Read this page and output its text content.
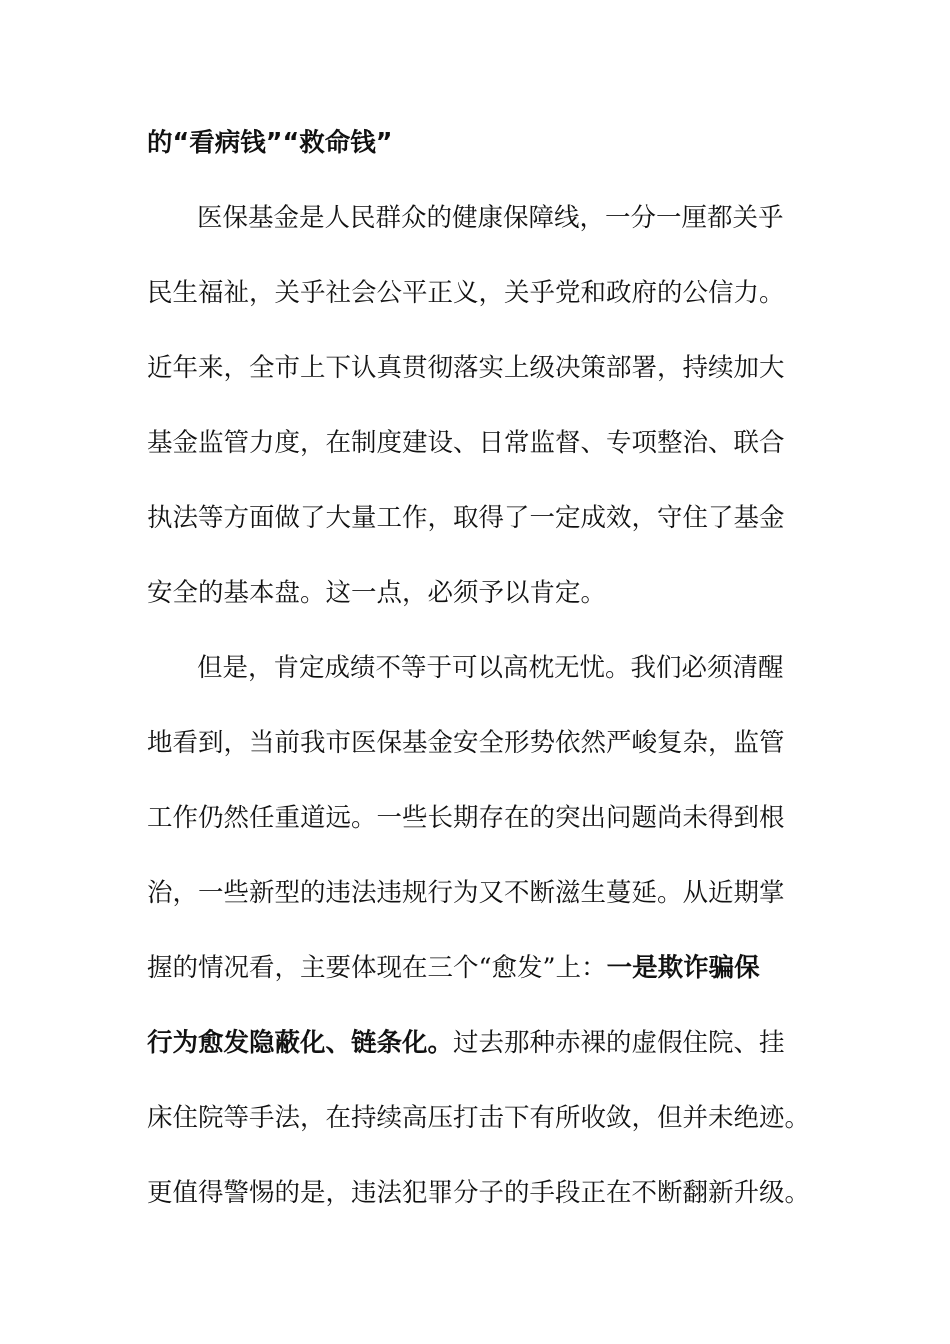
的“看病钱”“救命钱”
医保基金是人民群众的健康保障线，一分一厘都关乎
民生福祉，关乎社会公平正义，关乎党和政府的公信力。
近年来，全市上下认真贯彻落实上级决策部署，持续加大
基金监管力度，在制度建设、日常监督、专项整治、联合
执法等方面做了大量工作，取得了一定成效，守住了基金
安全的基本盘。这一点，必须予以肯定。
但是，肯定成绩不等于可以高枕无忧。我们必须清醒
地看到，当前我市医保基金安全形势依然严峻复杂，监管
工作仍然任重道远。一些长期存在的突出问题尚未得到根
治，一些新型的违法违规行为又不断滋生蔓延。从近期掌
握的情况看，主要体现在三个“愈发”上：一是欺诈骗保
行为愈发隐蔽化、链条化。过去那种赤裸的虚假住院、挂
床住院等手法，在持续高压打击下有所收敛，但并未绝迹。
更值得警惕的是，违法犯罪分子的手段正在不断翻新升级。
